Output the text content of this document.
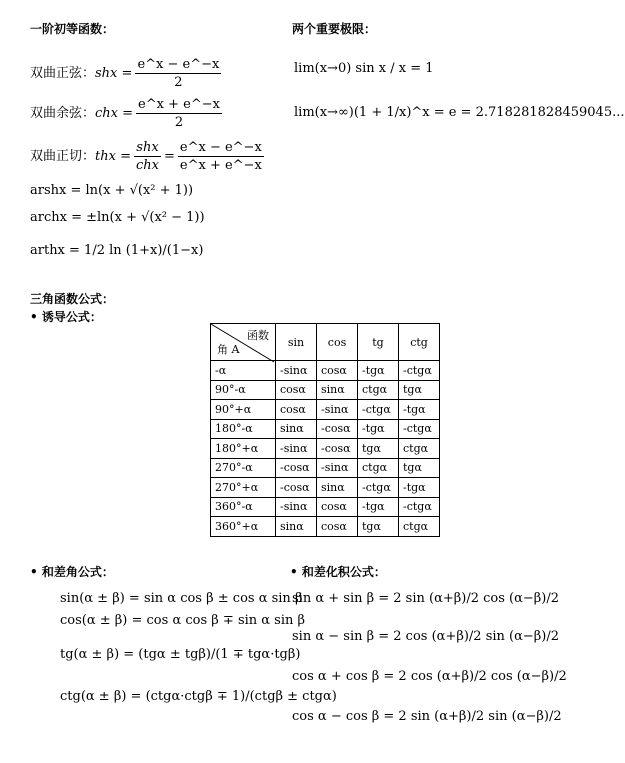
一阶初等函数：	两个重要极限：
双曲正弦： shx = $\frac{e\^{}x - e\^{}-x}{2}$
双曲余弦： chx = $\frac{e\^{}x + e\^{}-x}{2}$
双曲正切： thx = $\frac{\text{shx}}{\text{chx}} = \frac{e\^{}x - e\^{}-x}{e\^{}x + e\^{}-x}$
arshx = ln(x + √(x² + 1))
archx = ±ln(x + √(x² − 1))
arthx = 1/2 ln (1+x)/(1−x)
lim(x→0) sin x / x = 1
lim(x→∞)(1 + 1/x)^x = e = 2.718281828459045...
三角函数公式：
• 诱导公式：
函数
角 A	sin	cos	tg	ctg
-α	-sinα	cosα	-tgα	-ctgα
90°-α	cosα	sinα	ctgα	tgα
90°+α	cosα	-sinα	-ctgα	-tgα
180°-α	sinα	-cosα	-tgα	-ctgα
180°+α	-sinα	-cosα	tgα	ctgα
270°-α	-cosα	-sinα	ctgα	tgα
270°+α	-cosα	sinα	-ctgα	-tgα
360°-α	-sinα	cosα	-tgα	-ctgα
360°+α	sinα	cosα	tgα	ctgα
• 和差角公式：	• 和差化积公式：
sin(α ± β) = sin α cos β ± cos α sin β
cos(α ± β) = cos α cos β ∓ sin α sin β
tg(α ± β) = (tgα ± tgβ)/(1 ∓ tgα·tgβ)
ctg(α ± β) = (ctgα·ctgβ ∓ 1)/(ctgβ ± ctgα)
sin α + sin β = 2 sin (α+β)/2 cos (α−β)/2
sin α − sin β = 2 cos (α+β)/2 sin (α−β)/2
cos α + cos β = 2 cos (α+β)/2 cos (α−β)/2
cos α − cos β = 2 sin (α+β)/2 sin (α−β)/2
